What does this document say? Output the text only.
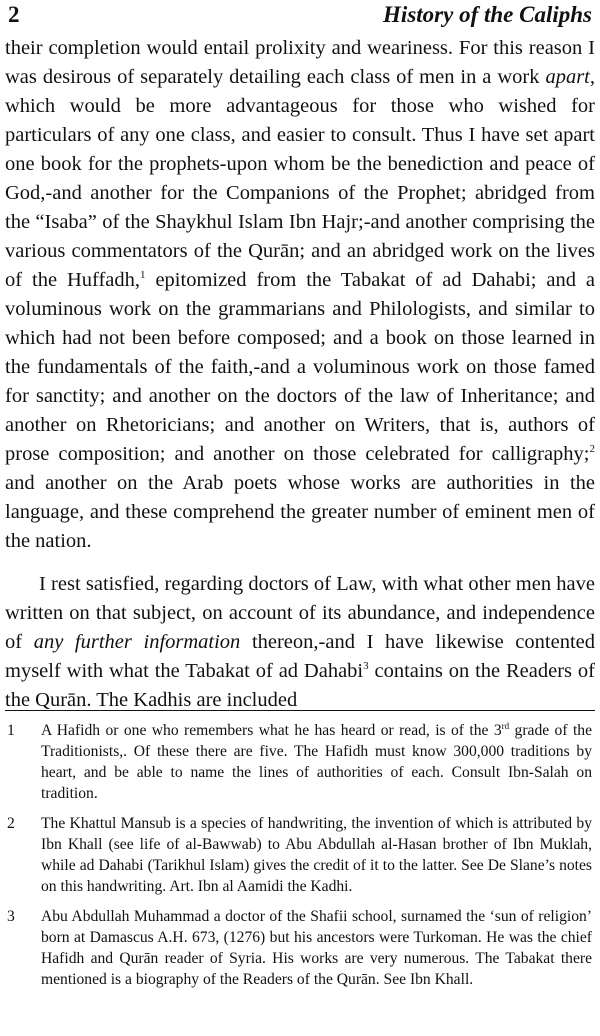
2	History of the Caliphs

their completion would entail prolixity and weariness. For this reason I was desirous of separately detailing each class of men in a work apart, which would be more advantageous for those who wished for particulars of any one class, and easier to consult. Thus I have set apart one book for the prophets-upon whom be the benediction and peace of God,-and another for the Companions of the Prophet; abridged from the “Isaba” of the Shaykhul Islam Ibn Hajr;-and another comprising the various commentators of the Qurān; and an abridged work on the lives of the Huffadh,$^1$ epitomized from the Tabakat of ad Dahabi; and a voluminous work on the grammarians and Philologists, and similar to which had not been before composed; and a book on those learned in the fundamentals of the faith,-and a voluminous work on those famed for sanctity; and another on the doctors of the law of Inheritance; and another on Rhetoricians; and another on Writers, that is, authors of prose composition; and another on those celebrated for calligraphy;$^2$ and another on the Arab poets whose works are authorities in the language, and these comprehend the greater number of eminent men of the nation.

I rest satisfied, regarding doctors of Law, with what other men have written on that subject, on account of its abundance, and independence of any further information thereon,-and I have likewise contented myself with what the Tabakat of ad Dahabi$^3$ contains on the Readers of the Qurān. The Kadhis are included

1	A Hafidh or one who remembers what he has heard or read, is of the 3rd grade of the Traditionists,. Of these there are five. The Hafidh must know 300,000 traditions by heart, and be able to name the lines of authorities of each. Consult Ibn-Salah on tradition.
2	The Khattul Mansub is a species of handwriting, the invention of which is attributed by Ibn Khall (see life of al-Bawwab) to Abu Abdullah al-Hasan brother of Ibn Muklah, while ad Dahabi (Tarikhul Islam) gives the credit of it to the latter. See De Slane’s notes on this handwriting. Art. Ibn al Aamidi the Kadhi.
3	Abu Abdullah Muhammad a doctor of the Shafii school, surnamed the ‘sun of religion’ born at Damascus A.H. 673, (1276) but his ancestors were Turkoman. He was the chief Hafidh and Qurān reader of Syria. His works are very numerous. The Tabakat there mentioned is a biography of the Readers of the Qurān. See Ibn Khall.
